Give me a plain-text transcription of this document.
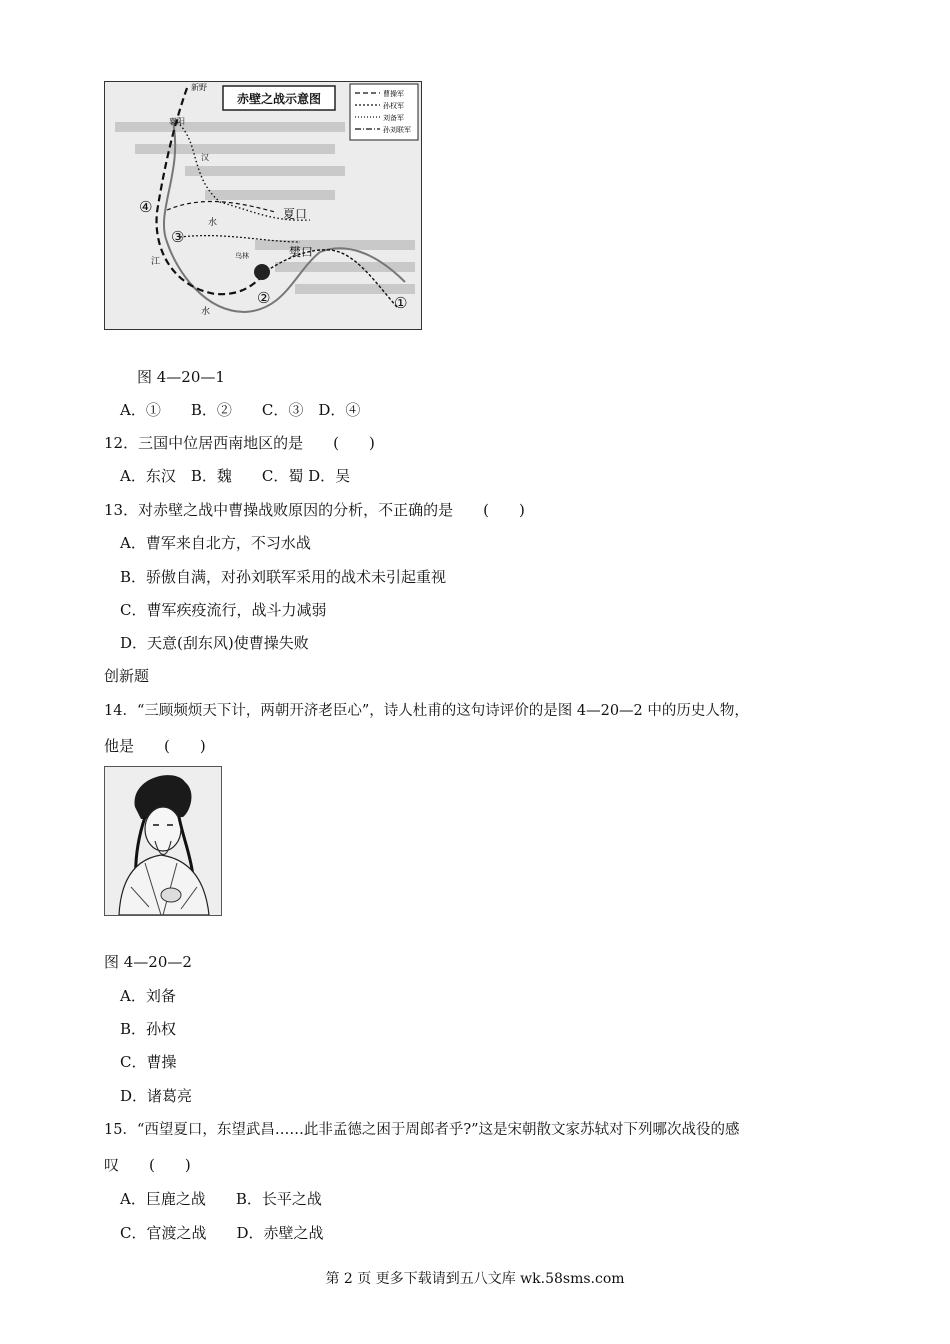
赤壁之战示意图	曹操军
孙权军
刘备军
孙刘联军
新野
襄阳
汉
夏口
樊口
水
江
乌林
水	①
②
③
④
图 4—20—1
A．①　　B．②　　C．③　D．④
12．三国中位居西南地区的是　　(　　)
A．东汉　B．魏　　C．蜀 D．吴
13．对赤壁之战中曹操战败原因的分析，不正确的是　　(　　)
A．曹军来自北方，不习水战
B．骄傲自满，对孙刘联军采用的战术未引起重视
C．曹军疾疫流行，战斗力减弱
D．天意(刮东风)使曹操失败
创新题
14．“三顾频烦天下计，两朝开济老臣心”，诗人杜甫的这句诗评价的是图 4—20—2 中的历史人物，
他是　　(　　)
图 4—20—2
A．刘备
B．孙权
C．曹操
D．诸葛亮
15．“西望夏口，东望武昌……此非孟德之困于周郎者乎?”这是宋朝散文家苏轼对下列哪次战役的感
叹　　(　　)
A．巨鹿之战　　B．长平之战
C．官渡之战　　D．赤壁之战
第 2 页 更多下载请到五八文库 wk.58sms.com
